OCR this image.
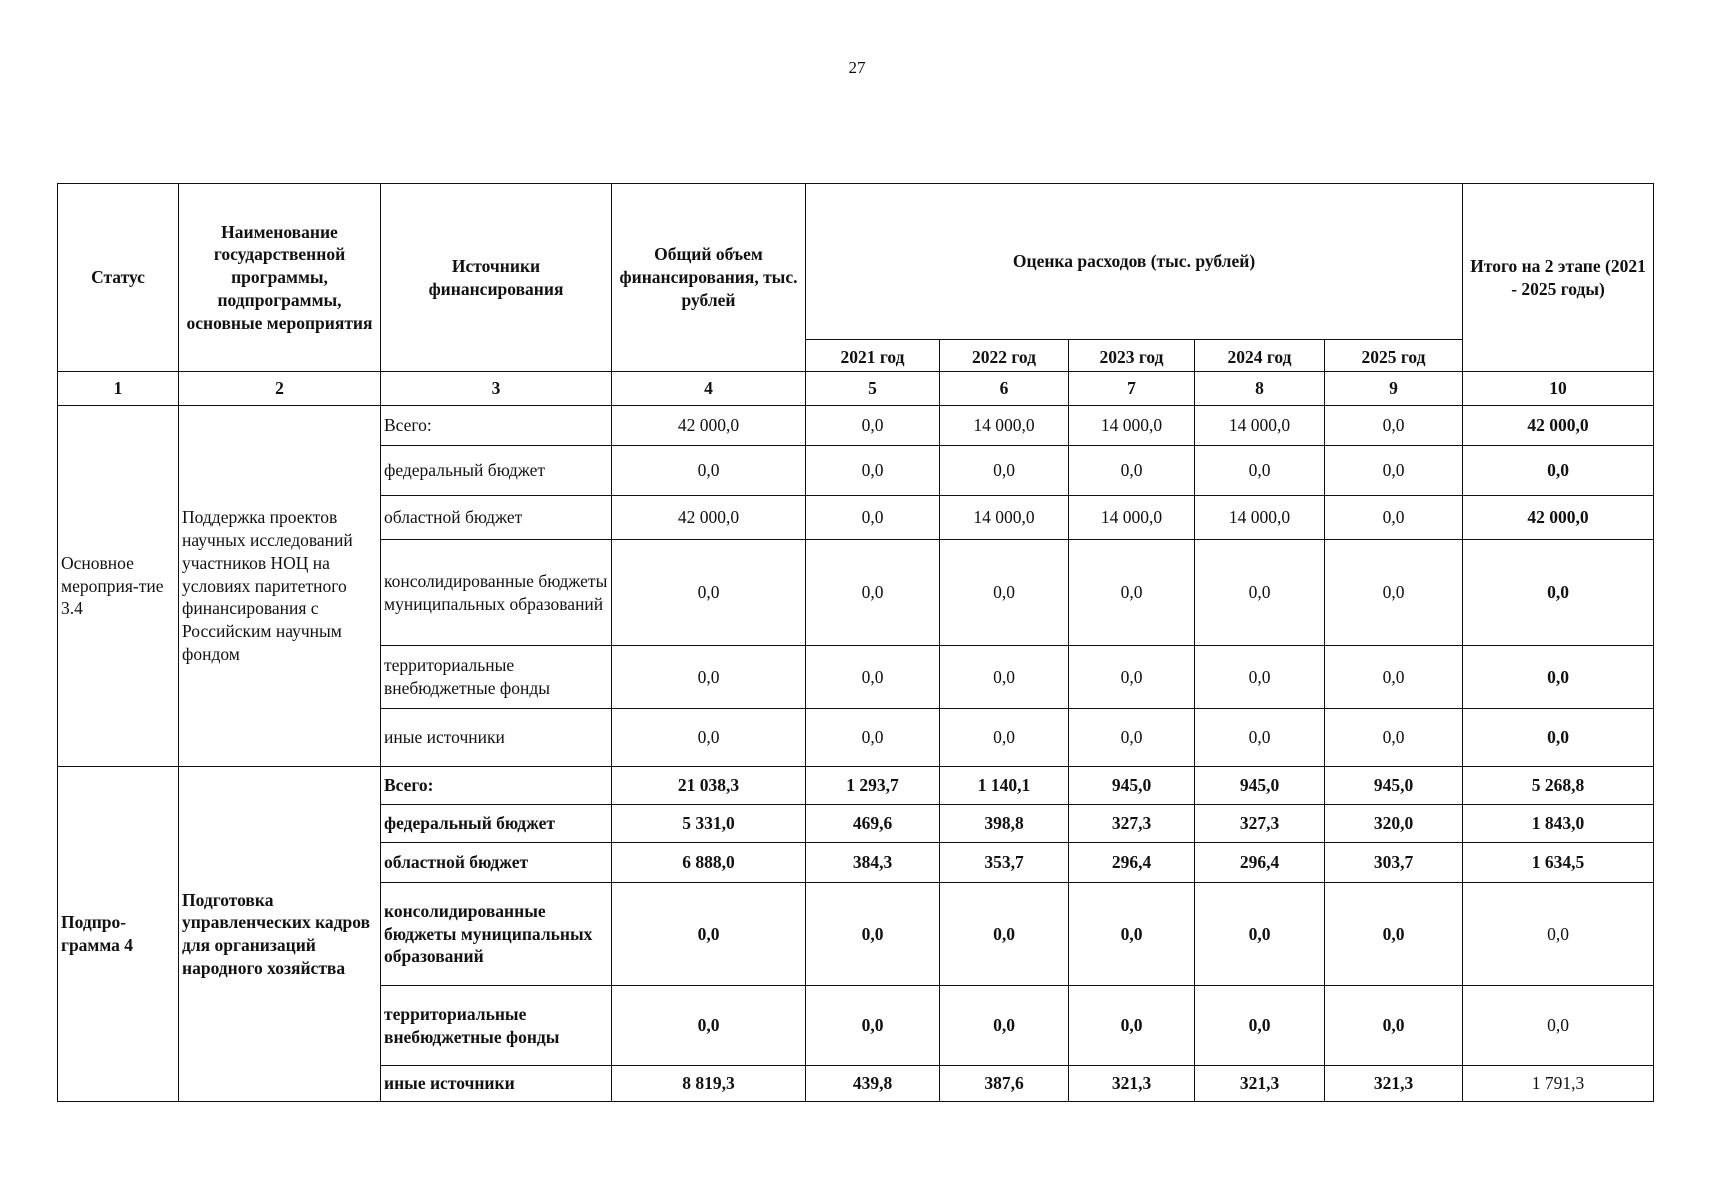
27
Статус	Наименование государственной программы, подпрограммы, основные мероприятия	Источники финансирования	Общий объем финансирования, тыс. рублей	Оценка расходов (тыс. рублей)					Итого на 2 этапе (2021 - 2025 годы)
				2021 год	2022 год	2023 год	2024 год	2025 год	
1	2	3	4	5	6	7	8	9	10
Основное мероприя-тие 3.4	Поддержка проектов научных исследований участников НОЦ на условиях паритетного финансирования с Российским научным фондом	Всего:	42 000,0	0,0	14 000,0	14 000,0	14 000,0	0,0	42 000,0
		федеральный бюджет	0,0	0,0	0,0	0,0	0,0	0,0	0,0
		областной бюджет	42 000,0	0,0	14 000,0	14 000,0	14 000,0	0,0	42 000,0
		консолидированные бюджеты муниципальных образований	0,0	0,0	0,0	0,0	0,0	0,0	0,0
		территориальные внебюджетные фонды	0,0	0,0	0,0	0,0	0,0	0,0	0,0
		иные источники	0,0	0,0	0,0	0,0	0,0	0,0	0,0
Подпро-грамма 4	Подготовка управленческих кадров для организаций народного хозяйства	Всего:	21 038,3	1 293,7	1 140,1	945,0	945,0	945,0	5 268,8
		федеральный бюджет	5 331,0	469,6	398,8	327,3	327,3	320,0	1 843,0
		областной бюджет	6 888,0	384,3	353,7	296,4	296,4	303,7	1 634,5
		консолидированные бюджеты муниципальных образований	0,0	0,0	0,0	0,0	0,0	0,0	0,0
		территориальные внебюджетные фонды	0,0	0,0	0,0	0,0	0,0	0,0	0,0
		иные источники	8 819,3	439,8	387,6	321,3	321,3	321,3	1 791,3
